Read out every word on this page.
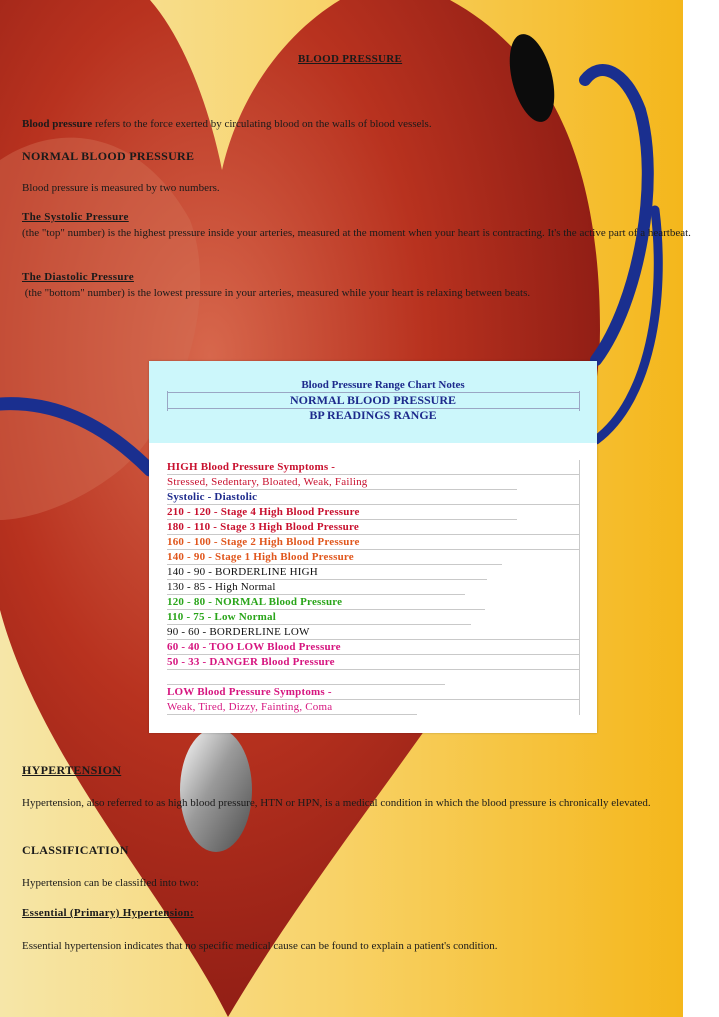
BLOOD PRESSURE
Blood pressure refers to the force exerted by circulating blood on the walls of blood vessels.
NORMAL BLOOD PRESSURE
Blood pressure is measured by two numbers.
The Systolic Pressure
(the "top" number) is the highest pressure inside your arteries, measured at the moment when your heart is contracting. It's the active part of a heartbeat.
The Diastolic Pressure
(the "bottom" number) is the lowest pressure in your arteries, measured while your heart is relaxing between beats.
Blood Pressure Range Chart Notes
NORMAL BLOOD PRESSURE
BP READINGS RANGE
HIGH Blood Pressure Symptoms -
Stressed, Sedentary, Bloated, Weak, Failing
Systolic - Diastolic
210 - 120 - Stage 4 High Blood Pressure
180 - 110 - Stage 3 High Blood Pressure
160 - 100 - Stage 2 High Blood Pressure
140 - 90 - Stage 1 High Blood Pressure
140 - 90 - BORDERLINE HIGH
130 - 85 - High Normal
120 - 80 - NORMAL Blood Pressure
110 - 75 - Low Normal
90 - 60 - BORDERLINE LOW
60 - 40 - TOO LOW Blood Pressure
50 - 33 - DANGER Blood Pressure
LOW Blood Pressure Symptoms -
Weak, Tired, Dizzy, Fainting, Coma
HYPERTENSION
Hypertension, also referred to as high blood pressure, HTN or HPN, is a medical condition in which the blood pressure is chronically elevated.
CLASSIFICATION
Hypertension can be classified into two:
Essential (Primary) Hypertension:
Essential hypertension indicates that no specific medical cause can be found to explain a patient's condition.
